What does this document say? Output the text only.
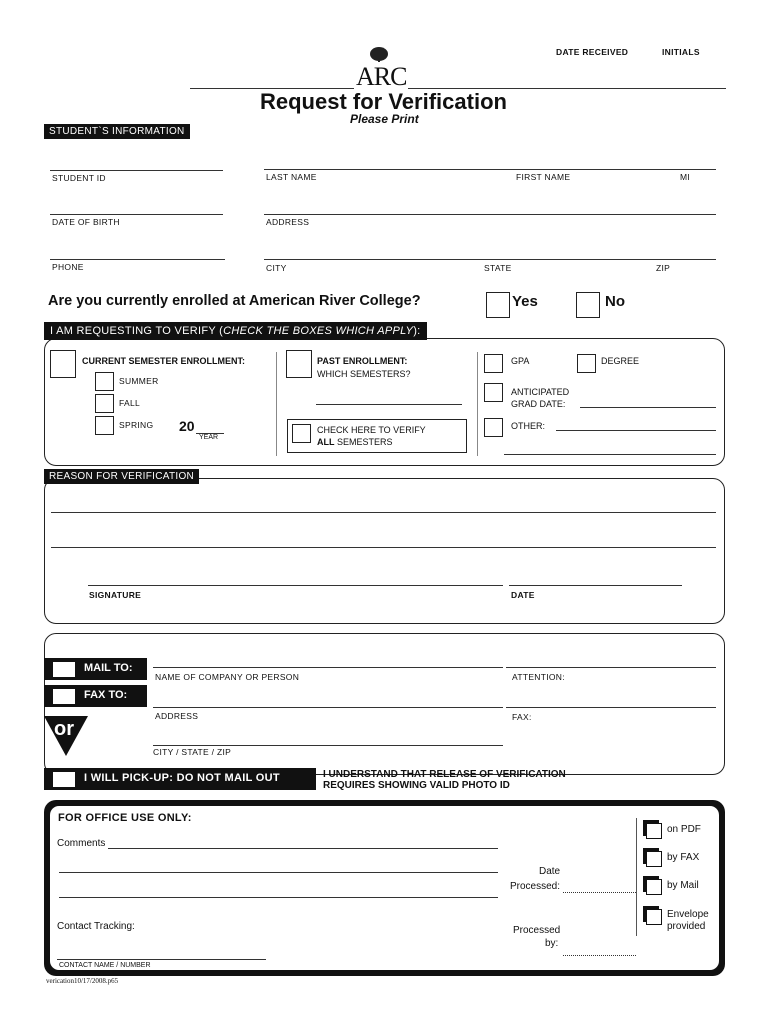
DATE RECEIVED	INITIALS
ARC
Request for Verification
Please Print
STUDENT`S INFORMATION
STUDENT ID	LAST NAME	FIRST NAME	MI
DATE OF BIRTH	ADDRESS
PHONE	CITY	STATE	ZIP
Are you currently enrolled at American River College?	Yes	No
I AM REQUESTING TO VERIFY (CHECK THE BOXES WHICH APPLY):
CURRENT SEMESTER ENROLLMENT:
SUMMER
FALL
SPRING 20
YEAR
PAST ENROLLMENT:
WHICH SEMESTERS?
CHECK HERE TO VERIFY
ALL SEMESTERS
GPA	DEGREE
ANTICIPATED
GRAD DATE:
OTHER:
REASON FOR VERIFICATION
SIGNATURE	DATE
MAIL TO:
FAX TO:
or
NAME OF COMPANY OR PERSON	ATTENTION:
ADDRESS	FAX:
CITY / STATE / ZIP
I WILL PICK-UP: DO NOT MAIL OUT	I UNDERSTAND THAT RELEASE OF VERIFICATION
REQUIRES SHOWING VALID PHOTO ID
FOR OFFICE USE ONLY:
Comments
Date
Processed:
Contact Tracking:	Processed
by:
CONTACT NAME / NUMBER
on PDF
by FAX
by Mail
Envelope
provided
verication10/17/2008.p65
